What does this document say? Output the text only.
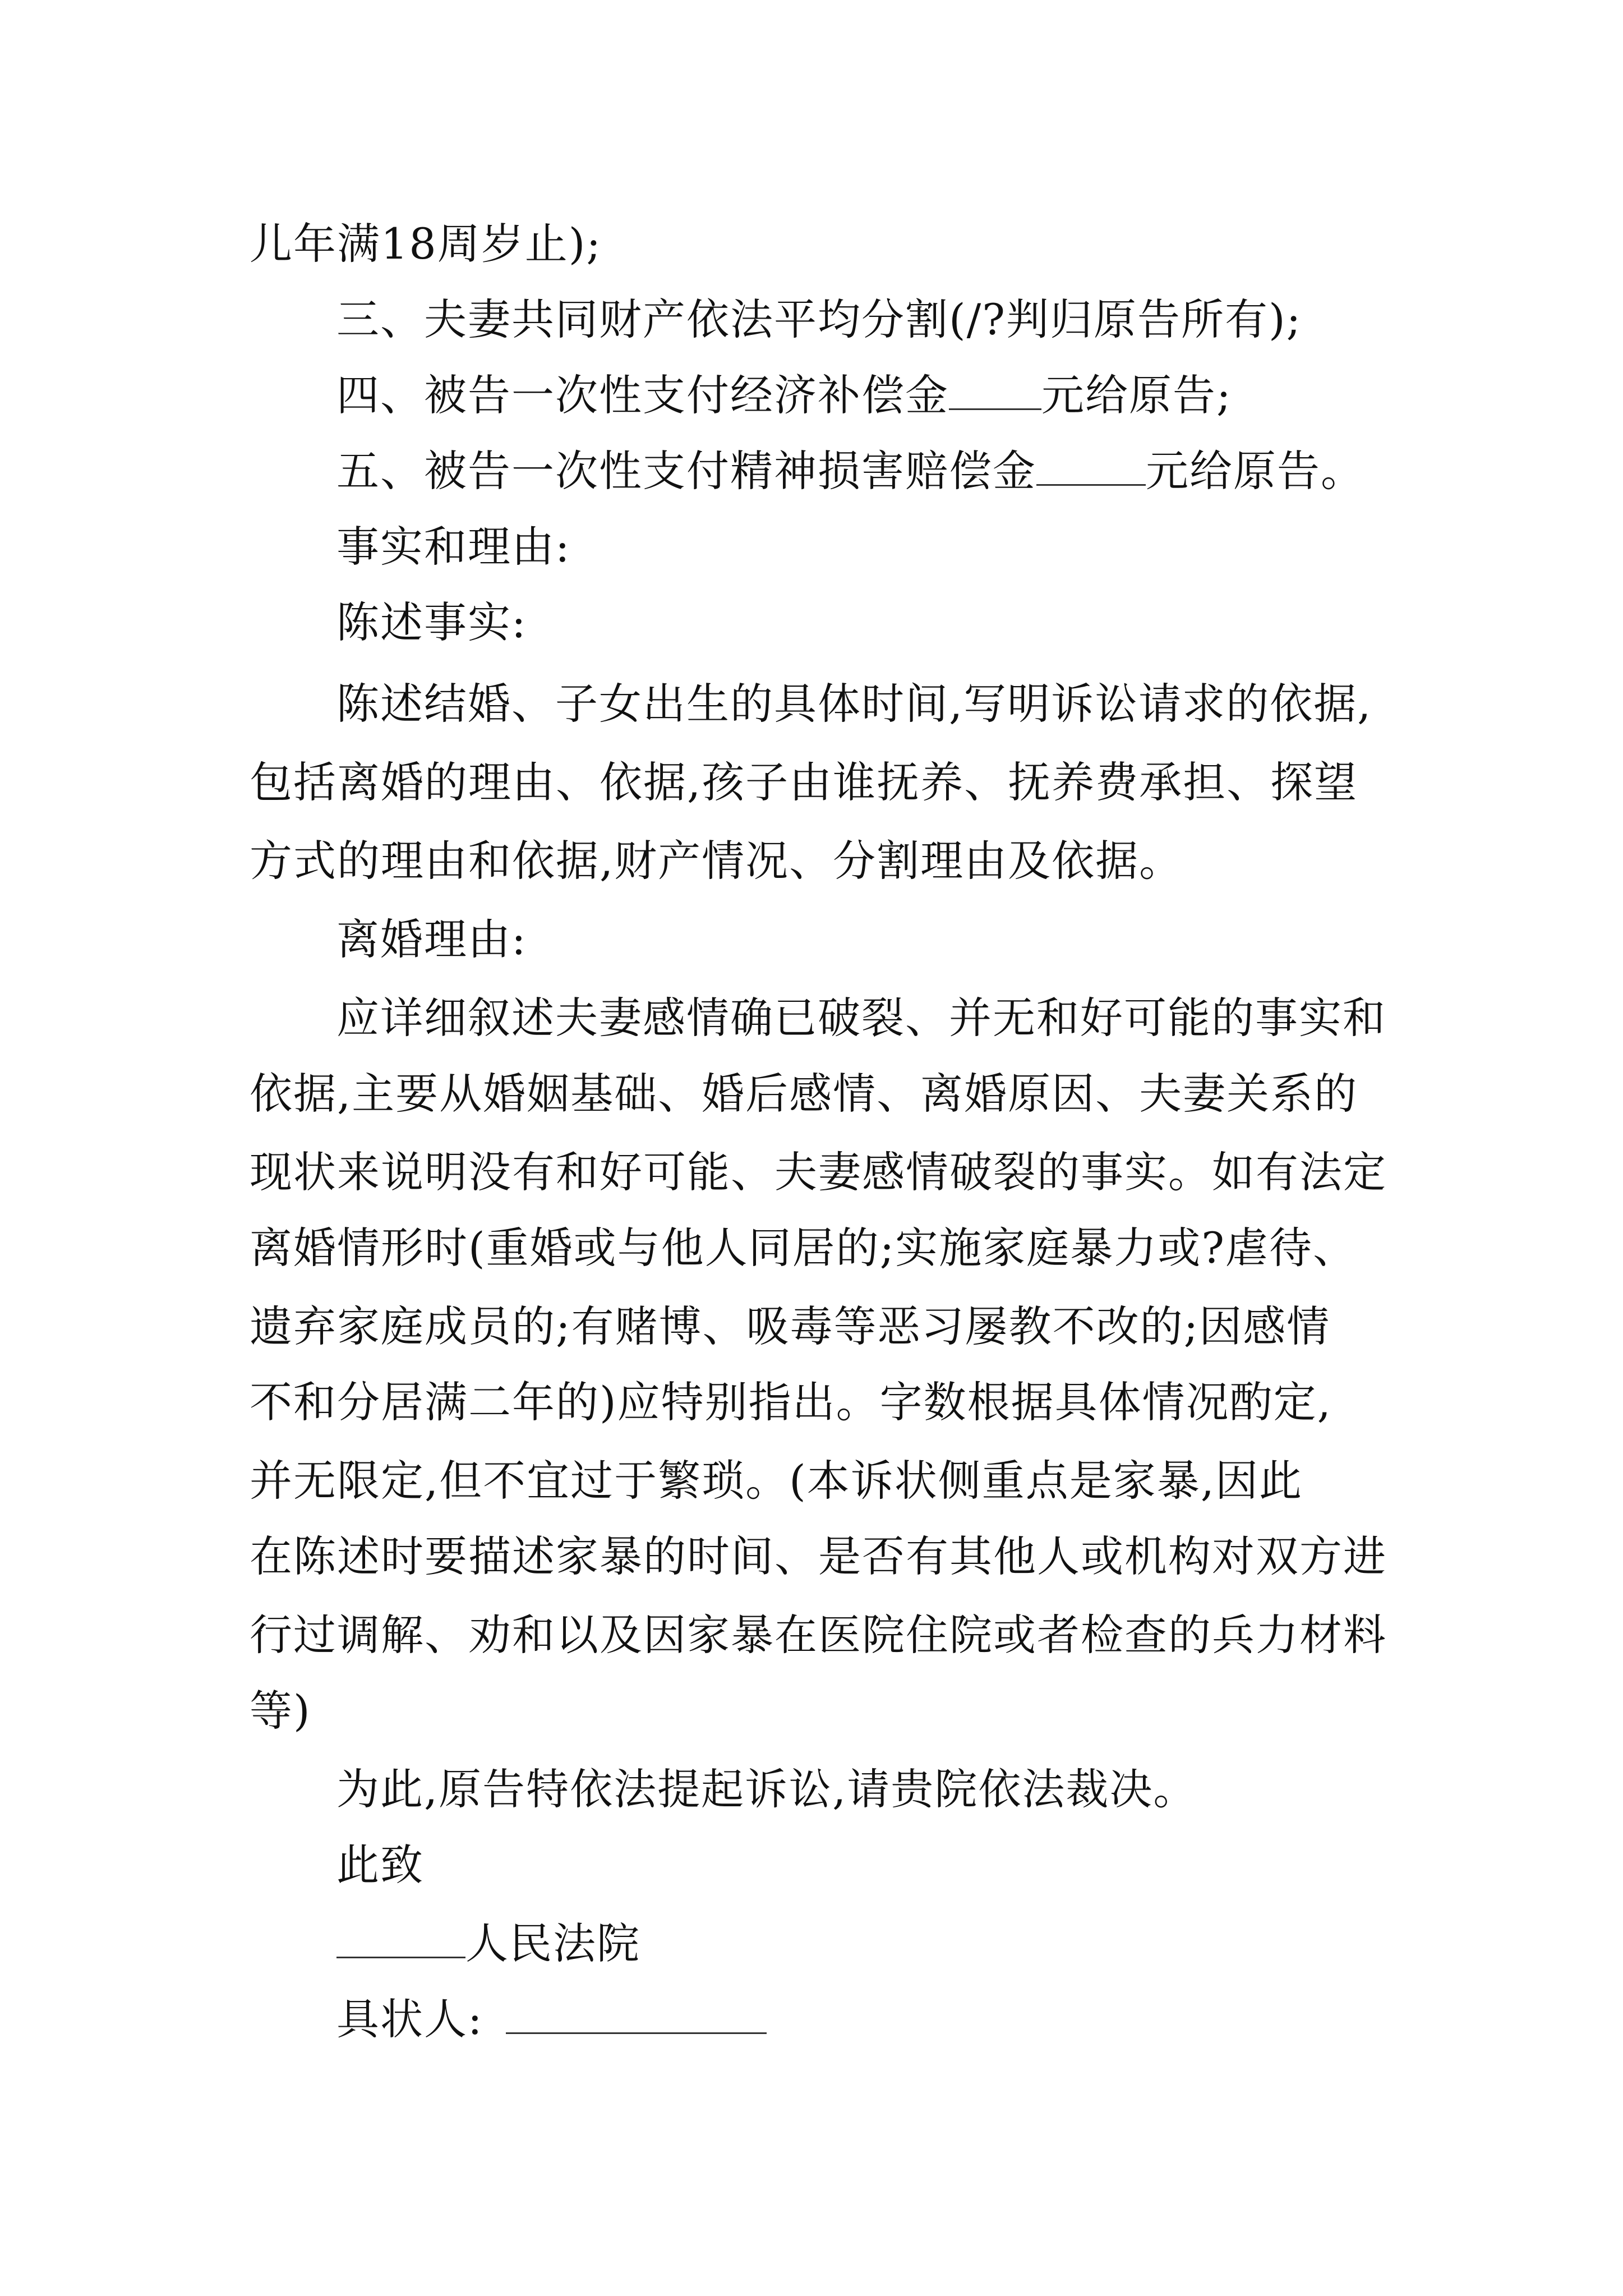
儿年满18周岁止);
三、夫妻共同财产依法平均分割(/?判归原告所有);
四、被告一次性支付经济补偿金 元给原告;
五、被告一次性支付精神损害赔偿金	元给原告。
事实和理由:
陈述事实:
陈述结婚、子女出生的具体时间,写明诉讼请求的依据,
包括离婚的理由、依据,孩子由谁抚养、抚养费承担、探望
方式的理由和依据,财产情况、分割理由及依据。
离婚理由:
应详细叙述夫妻感情确已破裂、并无和好可能的事实和
依据,主要从婚姻基础、婚后感情、离婚原因、夫妻关系的
现状来说明没有和好可能、夫妻感情破裂的事实。如有法定
离婚情形时(重婚或与他人同居的;实施家庭暴力或?虐待、
遗弃家庭成员的;有赌博、吸毒等恶习屡教不改的;因感情
不和分居满二年的)应特别指出。字数根据具体情况酌定,
并无限定,但不宜过于繁琐。(本诉状侧重点是家暴,因此
在陈述时要描述家暴的时间、是否有其他人或机构对双方进
行过调解、劝和以及因家暴在医院住院或者检查的兵力材料
等)
为此,原告特依法提起诉讼,请贵院依法裁决。
此致
人民法院
具状人:
